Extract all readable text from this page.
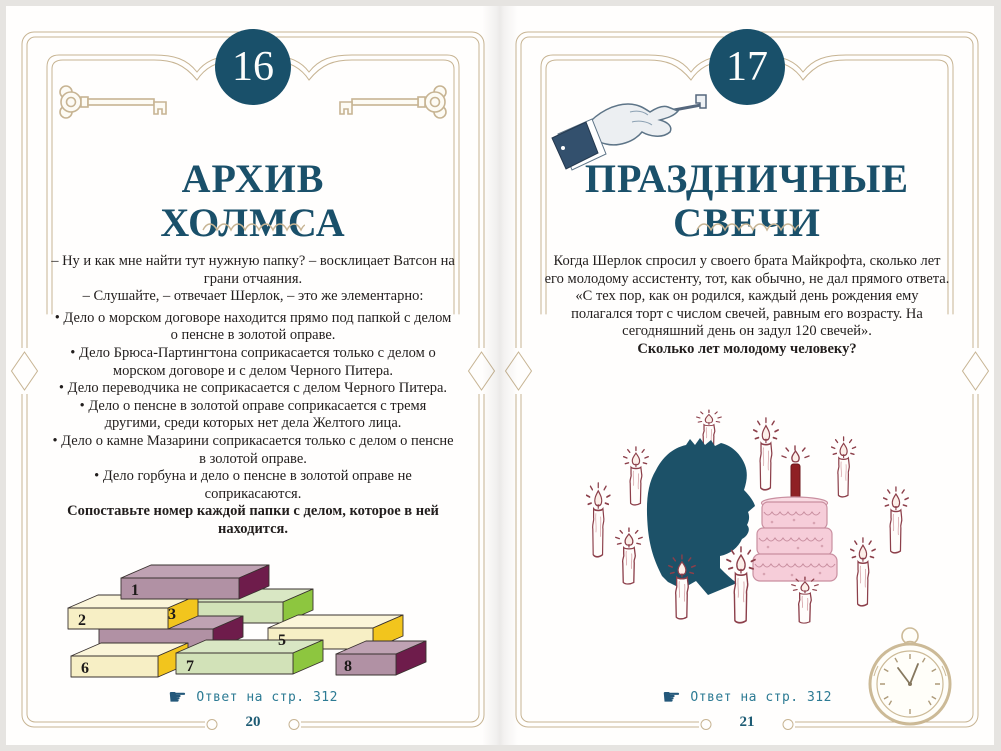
16
АРХИВ
ХОЛМСА

– Ну и как мне найти тут нужную папку? – восклицает Ватсон на грани отчаяния.

– Слушайте, – отвечает Шерлок, – это же элементарно:

• Дело о морском договоре находится прямо под папкой с делом о пенсне в золотой оправе.
• Дело Брюса-Партингтона соприкасается только с делом о морском договоре и с делом Черного Питера.
• Дело переводчика не соприкасается с делом Черного Питера.
• Дело о пенсне в золотой оправе соприкасается с тремя другими, среди которых нет дела Желтого лица.
• Дело о камне Мазарини соприкасается только с делом о пенсне в золотой оправе.
• Дело горбуна и дело о пенсне в золотой оправе не соприкасаются.

Сопоставьте номер каждой папки с делом, которое в ней находится.

1
2	3
5
6	7	8
☛ Ответ на стр. 312
20
17
ПРАЗДНИЧНЫЕ
СВЕЧИ

Когда Шерлок спросил у своего брата Майкрофта, сколько лет его молодому ассистенту, тот, как обычно, не дал прямого ответа. «С тех пор, как он родился, каждый день рождения ему полагался торт с числом свечей, равным его возрасту. На сегодняшний день он задул 120 свечей».

Сколько лет молодому человеку?

☛ Ответ на стр. 312
21
